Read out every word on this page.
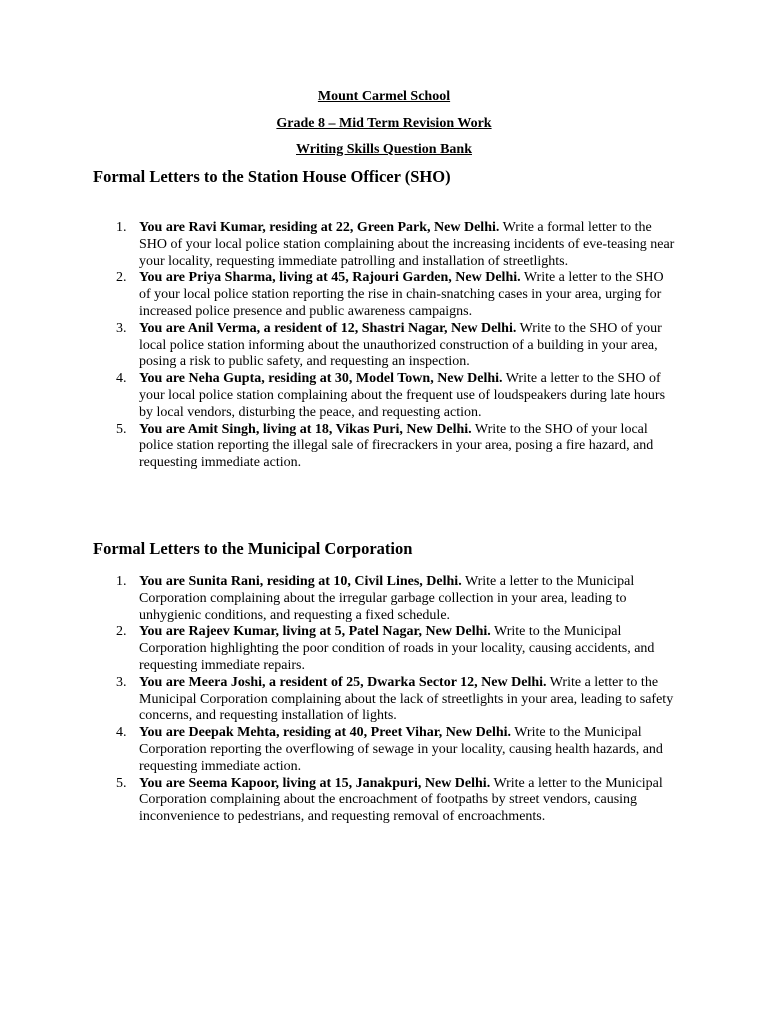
Mount Carmel School
Grade 8 – Mid Term Revision Work
Writing Skills Question Bank
Formal Letters to the Station House Officer (SHO)
1. You are Ravi Kumar, residing at 22, Green Park, New Delhi. Write a formal letter to the SHO of your local police station complaining about the increasing incidents of eve-teasing near your locality, requesting immediate patrolling and installation of streetlights.
2. You are Priya Sharma, living at 45, Rajouri Garden, New Delhi. Write a letter to the SHO of your local police station reporting the rise in chain-snatching cases in your area, urging for increased police presence and public awareness campaigns.
3. You are Anil Verma, a resident of 12, Shastri Nagar, New Delhi. Write to the SHO of your local police station informing about the unauthorized construction of a building in your area, posing a risk to public safety, and requesting an inspection.
4. You are Neha Gupta, residing at 30, Model Town, New Delhi. Write a letter to the SHO of your local police station complaining about the frequent use of loudspeakers during late hours by local vendors, disturbing the peace, and requesting action.
5. You are Amit Singh, living at 18, Vikas Puri, New Delhi. Write to the SHO of your local police station reporting the illegal sale of firecrackers in your area, posing a fire hazard, and requesting immediate action.
Formal Letters to the Municipal Corporation
1. You are Sunita Rani, residing at 10, Civil Lines, Delhi. Write a letter to the Municipal Corporation complaining about the irregular garbage collection in your area, leading to unhygienic conditions, and requesting a fixed schedule.
2. You are Rajeev Kumar, living at 5, Patel Nagar, New Delhi. Write to the Municipal Corporation highlighting the poor condition of roads in your locality, causing accidents, and requesting immediate repairs.
3. You are Meera Joshi, a resident of 25, Dwarka Sector 12, New Delhi. Write a letter to the Municipal Corporation complaining about the lack of streetlights in your area, leading to safety concerns, and requesting installation of lights.
4. You are Deepak Mehta, residing at 40, Preet Vihar, New Delhi. Write to the Municipal Corporation reporting the overflowing of sewage in your locality, causing health hazards, and requesting immediate action.
5. You are Seema Kapoor, living at 15, Janakpuri, New Delhi. Write a letter to the Municipal Corporation complaining about the encroachment of footpaths by street vendors, causing inconvenience to pedestrians, and requesting removal of encroachments.
